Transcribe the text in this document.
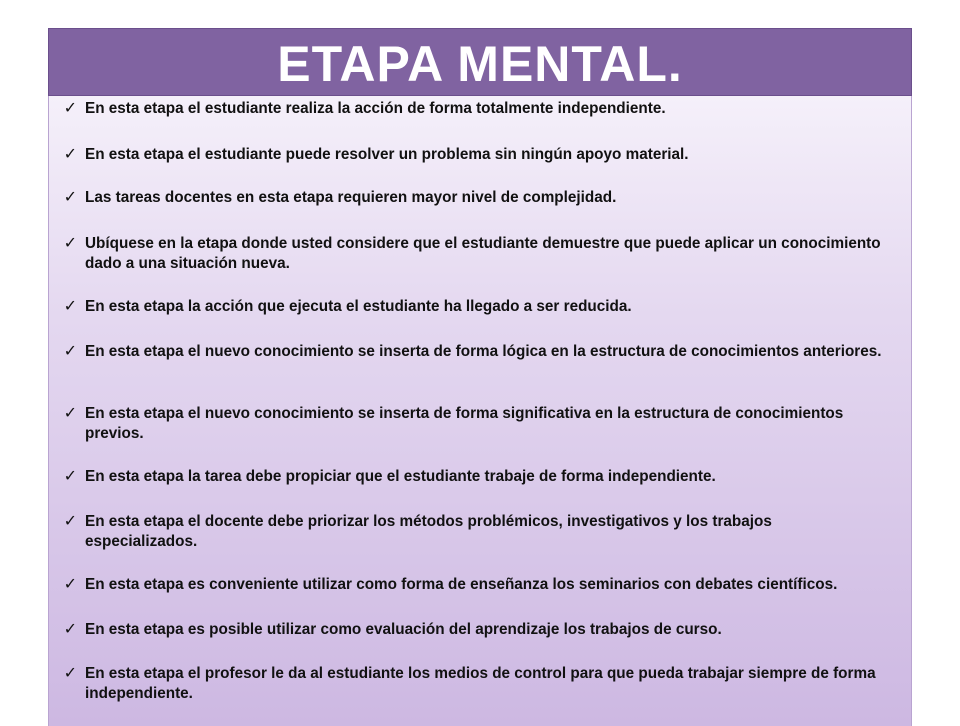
ETAPA MENTAL.
✓ En esta etapa el estudiante realiza la acción de forma totalmente independiente.
✓ En esta etapa el estudiante puede resolver un problema sin ningún apoyo material.
✓ Las tareas docentes en esta etapa requieren mayor nivel de complejidad.
✓ Ubíquese en la etapa donde usted considere que el estudiante demuestre que puede aplicar un conocimiento dado a una situación nueva.
✓ En esta etapa la acción que ejecuta el estudiante ha llegado a ser reducida.
✓ En esta etapa el nuevo conocimiento se inserta de forma lógica en la estructura de conocimientos anteriores.
✓ En esta etapa el nuevo conocimiento se inserta de forma significativa en la estructura de conocimientos previos.
✓ En esta etapa la tarea debe propiciar que el estudiante trabaje de forma independiente.
✓ En esta etapa el docente debe priorizar los métodos problémicos, investigativos y los trabajos especializados.
✓ En esta etapa es conveniente utilizar como forma de enseñanza los seminarios con debates científicos.
✓ En esta etapa es posible utilizar como evaluación del aprendizaje los trabajos de curso.
✓ En esta etapa el profesor le da al estudiante los medios de control para que pueda trabajar siempre de forma independiente.
